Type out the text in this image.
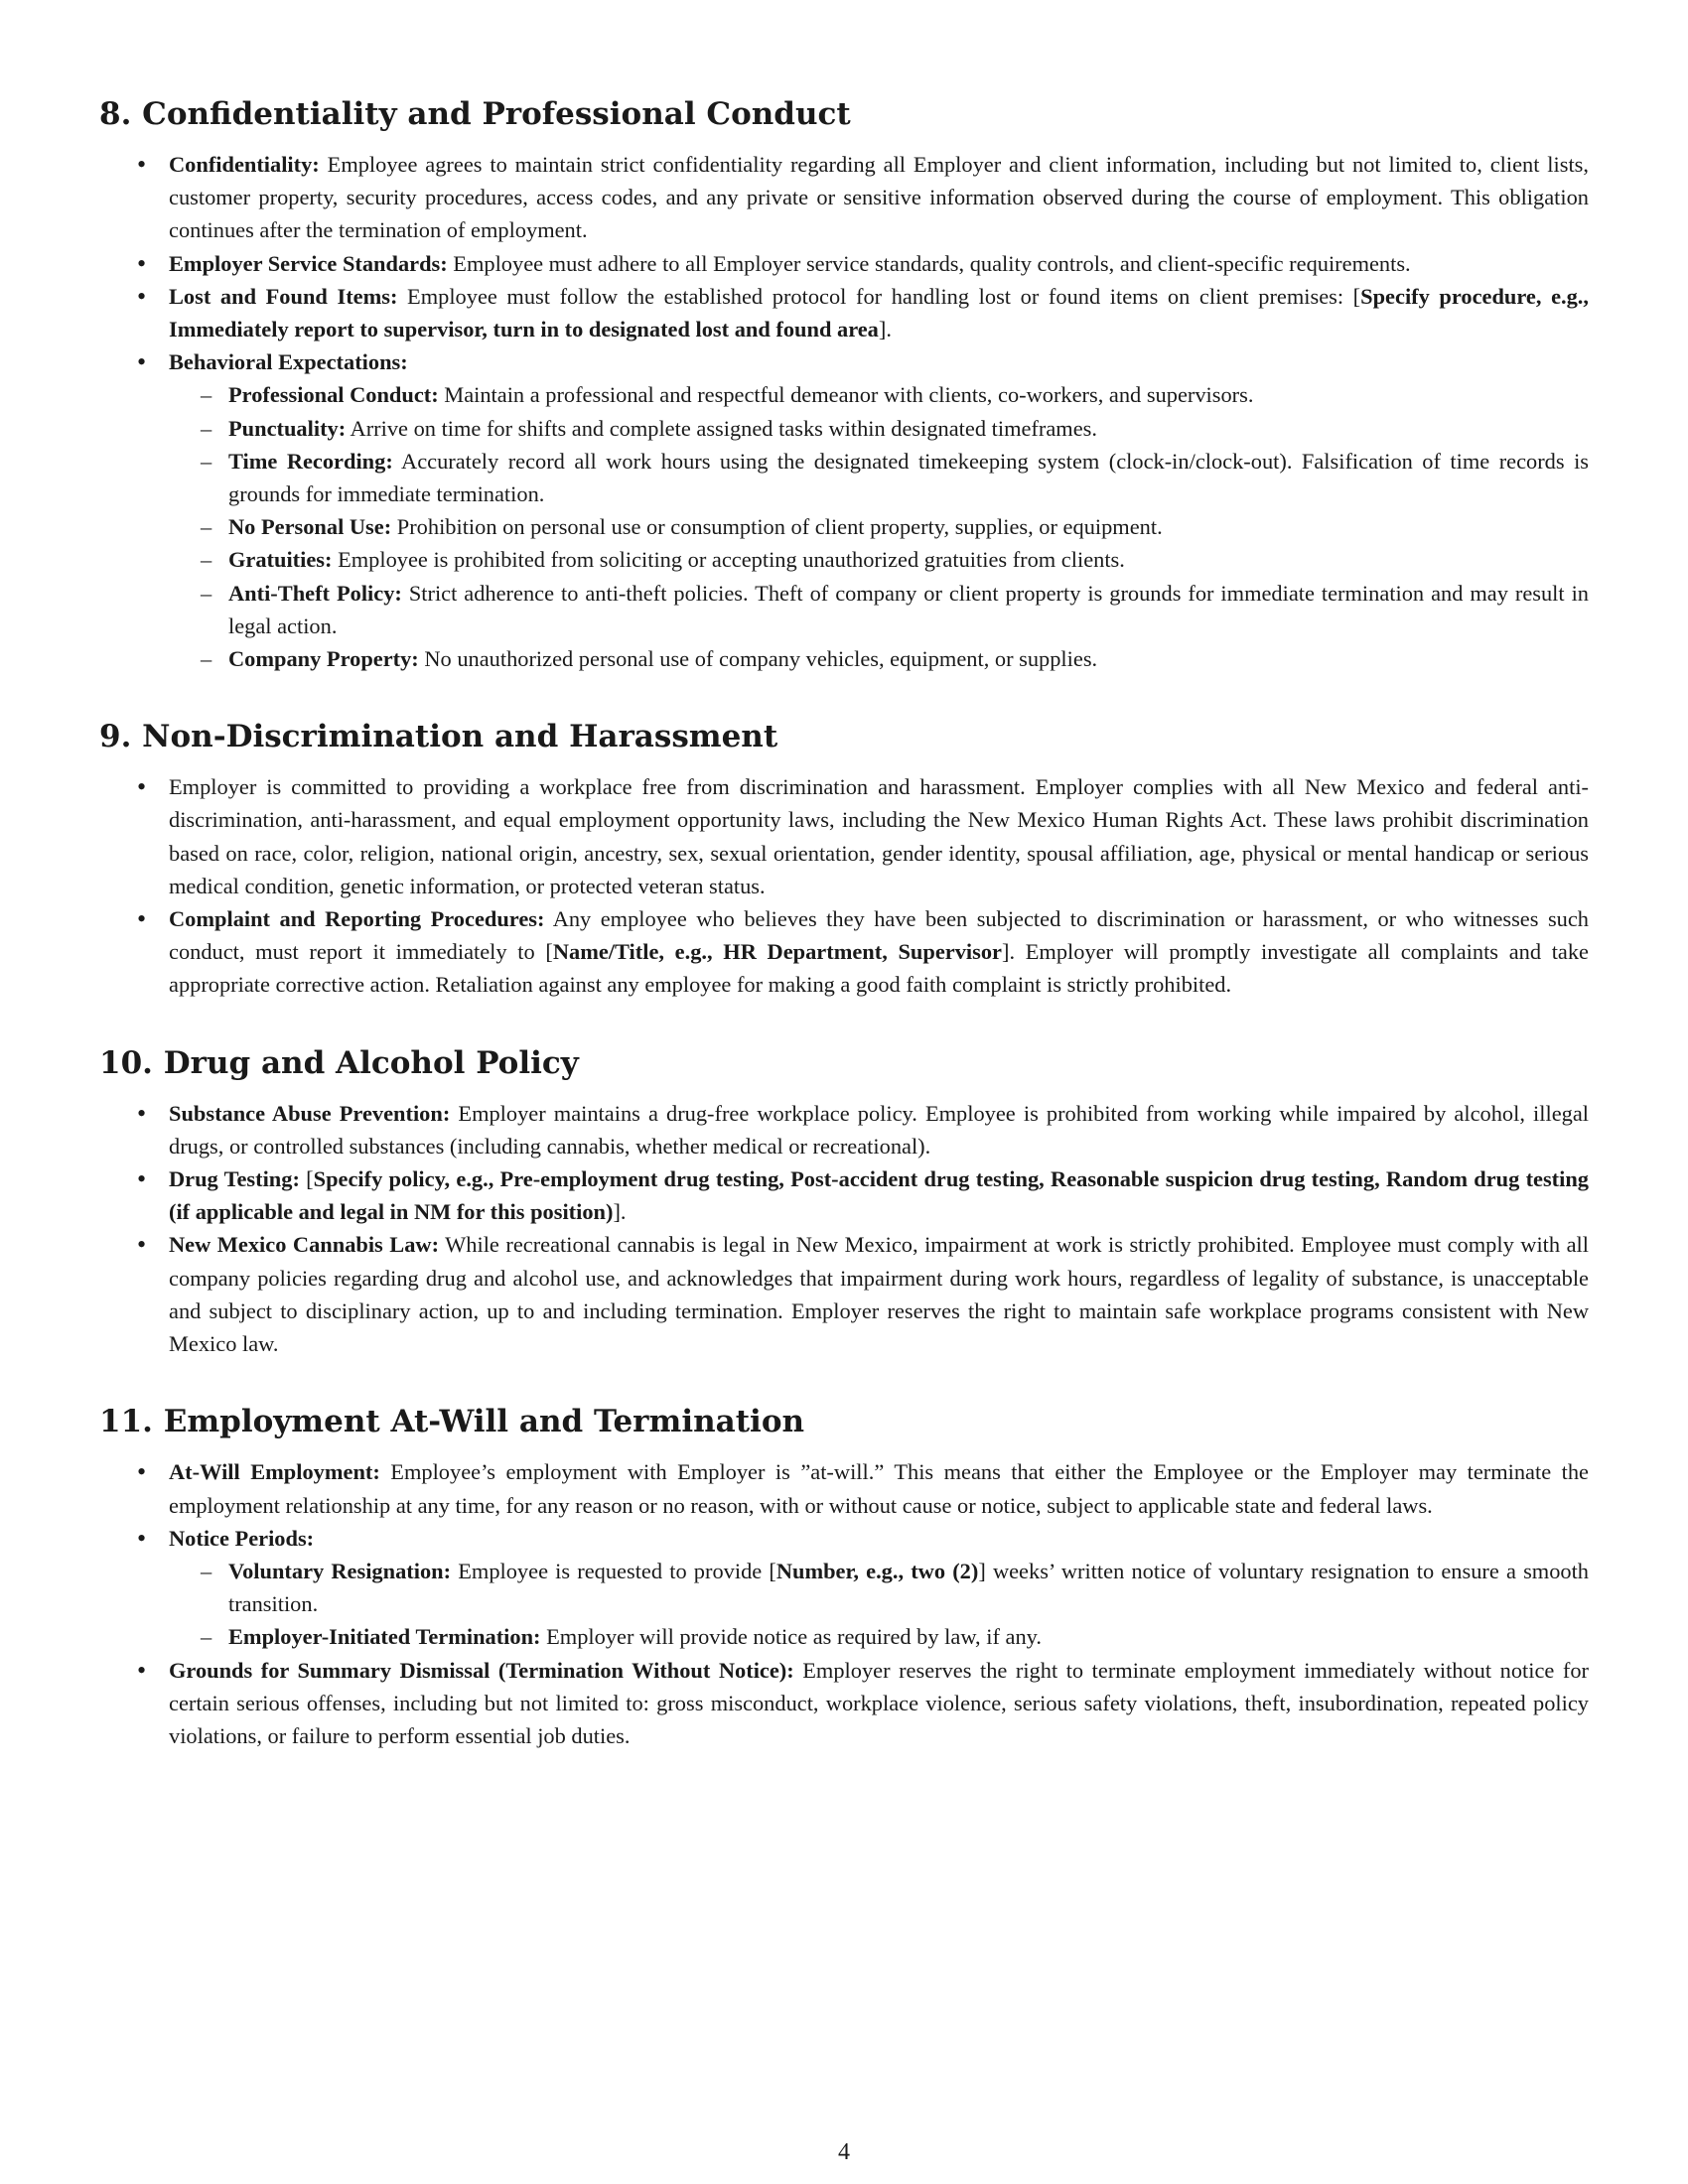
8. Confidentiality and Professional Conduct
• Confidentiality: Employee agrees to maintain strict confidentiality regarding all Employer and client information, including but not limited to, client lists, customer property, security procedures, access codes, and any private or sensitive information observed during the course of employment. This obligation continues after the termination of employment.
• Employer Service Standards: Employee must adhere to all Employer service standards, quality controls, and client-specific requirements.
• Lost and Found Items: Employee must follow the established protocol for handling lost or found items on client premises: [Specify procedure, e.g., Immediately report to supervisor, turn in to designated lost and found area].
• Behavioral Expectations:
– Professional Conduct: Maintain a professional and respectful demeanor with clients, co-workers, and supervisors.
– Punctuality: Arrive on time for shifts and complete assigned tasks within designated timeframes.
– Time Recording: Accurately record all work hours using the designated timekeeping system (clock-in/clock-out). Falsification of time records is grounds for immediate termination.
– No Personal Use: Prohibition on personal use or consumption of client property, supplies, or equipment.
– Gratuities: Employee is prohibited from soliciting or accepting unauthorized gratuities from clients.
– Anti-Theft Policy: Strict adherence to anti-theft policies. Theft of company or client property is grounds for immediate termination and may result in legal action.
– Company Property: No unauthorized personal use of company vehicles, equipment, or supplies.
9. Non-Discrimination and Harassment
• Employer is committed to providing a workplace free from discrimination and harassment. Employer complies with all New Mexico and federal anti-discrimination, anti-harassment, and equal employment opportunity laws, including the New Mexico Human Rights Act. These laws prohibit discrimination based on race, color, religion, national origin, ancestry, sex, sexual orientation, gender identity, spousal affiliation, age, physical or mental handicap or serious medical condition, genetic information, or protected veteran status.
• Complaint and Reporting Procedures: Any employee who believes they have been subjected to discrimination or harassment, or who witnesses such conduct, must report it immediately to [Name/Title, e.g., HR Department, Supervisor]. Employer will promptly investigate all complaints and take appropriate corrective action. Retaliation against any employee for making a good faith complaint is strictly prohibited.
10. Drug and Alcohol Policy
• Substance Abuse Prevention: Employer maintains a drug-free workplace policy. Employee is prohibited from working while impaired by alcohol, illegal drugs, or controlled substances (including cannabis, whether medical or recreational).
• Drug Testing: [Specify policy, e.g., Pre-employment drug testing, Post-accident drug testing, Reasonable suspicion drug testing, Random drug testing (if applicable and legal in NM for this position)].
• New Mexico Cannabis Law: While recreational cannabis is legal in New Mexico, impairment at work is strictly prohibited. Employee must comply with all company policies regarding drug and alcohol use, and acknowledges that impairment during work hours, regardless of legality of substance, is unacceptable and subject to disciplinary action, up to and including termination. Employer reserves the right to maintain safe workplace programs consistent with New Mexico law.
11. Employment At-Will and Termination
• At-Will Employment: Employee’s employment with Employer is ”at-will.” This means that either the Employee or the Employer may terminate the employment relationship at any time, for any reason or no reason, with or without cause or notice, subject to applicable state and federal laws.
• Notice Periods:
– Voluntary Resignation: Employee is requested to provide [Number, e.g., two (2)] weeks’ written notice of voluntary resignation to ensure a smooth transition.
– Employer-Initiated Termination: Employer will provide notice as required by law, if any.
• Grounds for Summary Dismissal (Termination Without Notice): Employer reserves the right to terminate employment immediately without notice for certain serious offenses, including but not limited to: gross misconduct, workplace violence, serious safety violations, theft, insubordination, repeated policy violations, or failure to perform essential job duties.
4
